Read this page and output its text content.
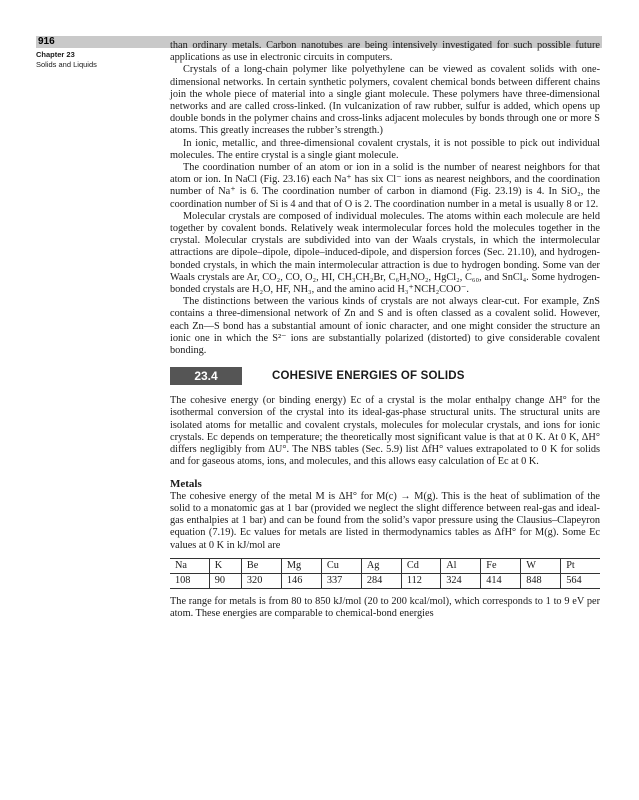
916
Chapter 23
Solids and Liquids

than ordinary metals. Carbon nanotubes are being intensively investigated for such possible future applications as use in electronic circuits in computers.

Crystals of a long-chain polymer like polyethylene can be viewed as covalent solids with one-dimensional networks. In certain synthetic polymers, covalent chemical bonds between different chains join the whole piece of material into a single giant molecule. These polymers have three-dimensional networks and are called cross-linked. (In vulcanization of raw rubber, sulfur is added, which opens up double bonds in the polymer chains and cross-links adjacent molecules by bonds through one or more S atoms. This greatly increases the rubber’s strength.)

In ionic, metallic, and three-dimensional covalent crystals, it is not possible to pick out individual molecules. The entire crystal is a single giant molecule.

The coordination number of an atom or ion in a solid is the number of nearest neighbors for that atom or ion. In NaCl (Fig. 23.16) each Na⁺ has six Cl⁻ ions as nearest neighbors, and the coordination number of Na⁺ is 6. The coordination number of carbon in diamond (Fig. 23.19) is 4. In SiO₂, the coordination number of Si is 4 and that of O is 2. The coordination number in a metal is usually 8 or 12.

Molecular crystals are composed of individual molecules. The atoms within each molecule are held together by covalent bonds. Relatively weak intermolecular forces hold the molecules together in the crystal. Molecular crystals are subdivided into van der Waals crystals, in which the intermolecular attractions are dipole–dipole, dipole–induced-dipole, and dispersion forces (Sec. 21.10), and hydrogen-bonded crystals, in which the main intermolecular attraction is due to hydrogen bonding. Some van der Waals crystals are Ar, CO₂, CO, O₂, HI, CH₃CH₂Br, C₆H₅NO₂, HgCl₂, C₆₀, and SnCl₄. Some hydrogen-bonded crystals are H₂O, HF, NH₃, and the amino acid H₃⁺NCH₂COO⁻.

The distinctions between the various kinds of crystals are not always clear-cut. For example, ZnS contains a three-dimensional network of Zn and S and is often classed as a covalent solid. However, each Zn—S bond has a substantial amount of ionic character, and one might consider the structure an ionic one in which the S²⁻ ions are substantially polarized (distorted) to give considerable covalent bonding.

23.4	COHESIVE ENERGIES OF SOLIDS

The cohesive energy (or binding energy) Ec of a crystal is the molar enthalpy change ΔH° for the isothermal conversion of the crystal into its ideal-gas-phase structural units. The structural units are isolated atoms for metallic and covalent crystals, molecules for molecular crystals, and ions for ionic crystals. Ec depends on temperature; the theoretically most significant value is that at 0 K. At 0 K, ΔH° differs negligibly from ΔU°. The NBS tables (Sec. 5.9) list ΔfH° values extrapolated to 0 K for solids and for gaseous atoms, ions, and molecules, and this allows easy calculation of Ec at 0 K.

Metals

The cohesive energy of the metal M is ΔH° for M(c) → M(g). This is the heat of sublimation of the solid to a monatomic gas at 1 bar (provided we neglect the slight difference between real-gas and ideal-gas enthalpies at 1 bar) and can be found from the solid’s vapor pressure using the Clausius–Clapeyron equation (7.19). Ec values for metals are listed in thermodynamics tables as ΔfH° for M(g). Some Ec values at 0 K in kJ/mol are

Na	K	Be	Mg	Cu	Ag	Cd	Al	Fe	W	Pt
108	90	320	146	337	284	112	324	414	848	564

The range for metals is from 80 to 850 kJ/mol (20 to 200 kcal/mol), which corresponds to 1 to 9 eV per atom. These energies are comparable to chemical-bond energies
